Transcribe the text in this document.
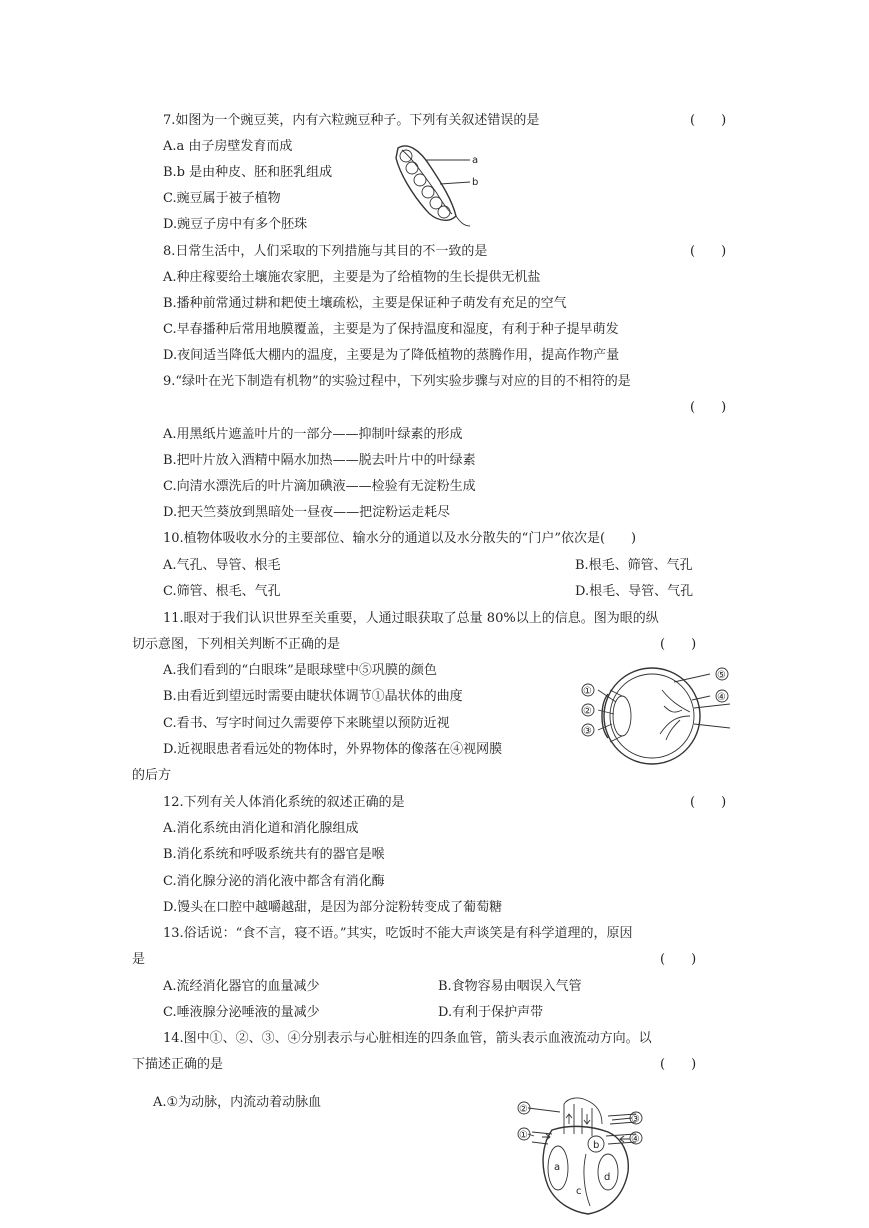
7.如图为一个豌豆荚，内有六粒豌豆种子。下列有关叙述错误的是	(　　)
A.a 由子房壁发育而成
B.b 是由种皮、胚和胚乳组成
C.豌豆属于被子植物
D.豌豆子房中有多个胚珠
a
b
8.日常生活中，人们采取的下列措施与其目的不一致的是	(　　)
A.种庄稼要给土壤施农家肥，主要是为了给植物的生长提供无机盐
B.播种前常通过耕和耙使土壤疏松，主要是保证种子萌发有充足的空气
C.早春播种后常用地膜覆盖，主要是为了保持温度和湿度，有利于种子提早萌发
D.夜间适当降低大棚内的温度，主要是为了降低植物的蒸腾作用，提高作物产量
9.“绿叶在光下制造有机物”的实验过程中，下列实验步骤与对应的目的不相符的是
(　　)
A.用黑纸片遮盖叶片的一部分——抑制叶绿素的形成
B.把叶片放入酒精中隔水加热——脱去叶片中的叶绿素
C.向清水漂洗后的叶片滴加碘液——检验有无淀粉生成
D.把天竺葵放到黑暗处一昼夜——把淀粉运走耗尽
10.植物体吸收水分的主要部位、输水分的通道以及水分散失的“门户”依次是(　　)
A.气孔、导管、根毛	B.根毛、筛管、气孔
C.筛管、根毛、气孔	D.根毛、导管、气孔
11.眼对于我们认识世界至关重要，人通过眼获取了总量 80%以上的信息。图为眼的纵
切示意图，下列相关判断不正确的是	(　　)
A.我们看到的“白眼珠”是眼球壁中⑤巩膜的颜色
B.由看近到望远时需要由睫状体调节①晶状体的曲度
C.看书、写字时间过久需要停下来眺望以预防近视
D.近视眼患者看远处的物体时，外界物体的像落在④视网膜
的后方
①
②
③
④
⑤
12.下列有关人体消化系统的叙述正确的是	(　　)
A.消化系统由消化道和消化腺组成
B.消化系统和呼吸系统共有的器官是喉
C.消化腺分泌的消化液中都含有消化酶
D.馒头在口腔中越嚼越甜，是因为部分淀粉转变成了葡萄糖
13.俗话说：“食不言，寝不语。”其实，吃饭时不能大声谈笑是有科学道理的，原因
是	(　　)
A.流经消化器官的血量减少	B.食物容易由咽误入气管
C.唾液腺分泌唾液的量减少	D.有利于保护声带
14.图中①、②、③、④分别表示与心脏相连的四条血管，箭头表示血液流动方向。以
下描述正确的是	(　　)
A.①为动脉，内流动着动脉血	②
①
③
④
b
a
c
d
